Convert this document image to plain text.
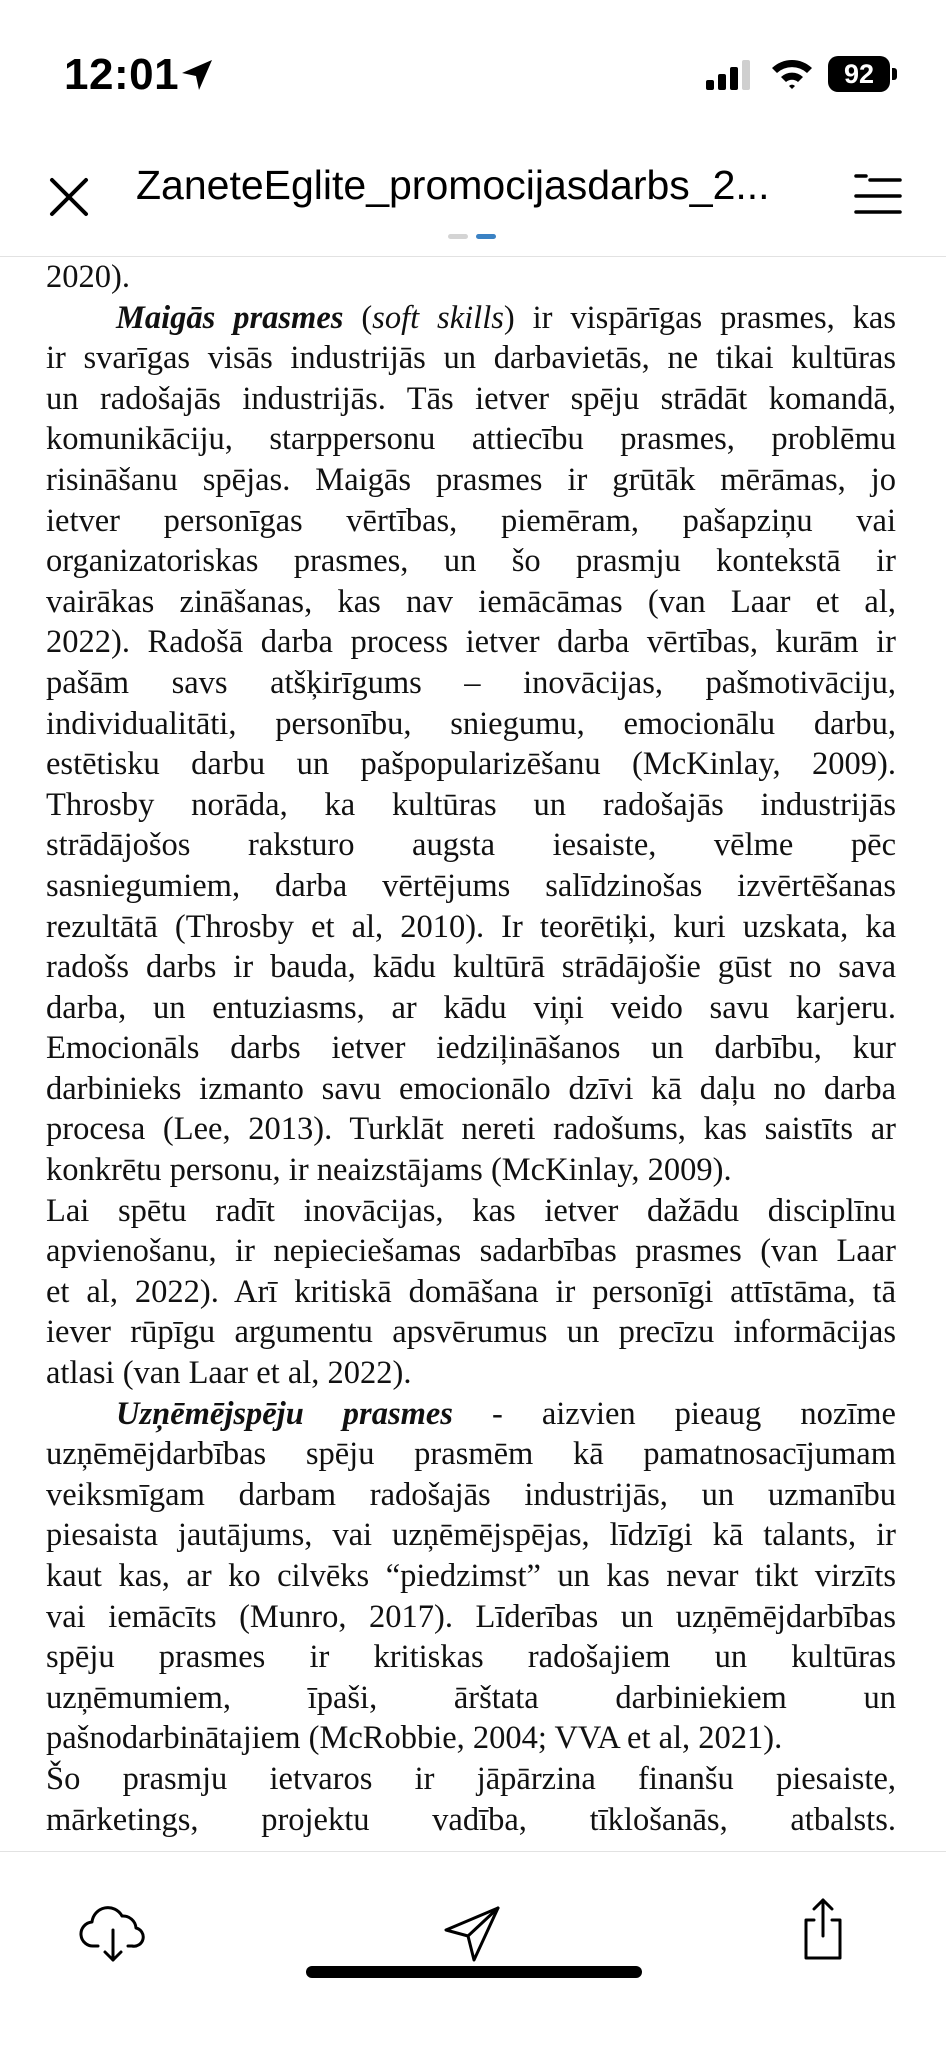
12:01	92
ZaneteEglite_promocijasdarbs_2...
2020).
Maigās prasmes (soft skills) ir vispārīgas prasmes, kas
ir svarīgas visās industrijās un darbavietās, ne tikai kultūras
un radošajās industrijās. Tās ietver spēju strādāt komandā,
komunikāciju, starppersonu attiecību prasmes, problēmu
risināšanu spējas. Maigās prasmes ir grūtāk mērāmas, jo
ietver personīgas vērtības, piemēram, pašapziņu vai
organizatoriskas prasmes, un šo prasmju kontekstā ir
vairākas zināšanas, kas nav iemācāmas (van Laar et al,
2022). Radošā darba process ietver darba vērtības, kurām ir
pašām savs atšķirīgums – inovācijas, pašmotivāciju,
individualitāti, personību, sniegumu, emocionālu darbu,
estētisku darbu un pašpopularizēšanu (McKinlay, 2009).
Throsby norāda, ka kultūras un radošajās industrijās
strādājošos raksturo augsta iesaiste, vēlme pēc
sasniegumiem, darba vērtējums salīdzinošas izvērtēšanas
rezultātā (Throsby et al, 2010). Ir teorētiķi, kuri uzskata, ka
radošs darbs ir bauda, kādu kultūrā strādājošie gūst no sava
darba, un entuziasms, ar kādu viņi veido savu karjeru.
Emocionāls darbs ietver iedziļināšanos un darbību, kur
darbinieks izmanto savu emocionālo dzīvi kā daļu no darba
procesa (Lee, 2013). Turklāt nereti radošums, kas saistīts ar
konkrētu personu, ir neaizstājams (McKinlay, 2009).
Lai spētu radīt inovācijas, kas ietver dažādu disciplīnu
apvienošanu, ir nepieciešamas sadarbības prasmes (van Laar
et al, 2022). Arī kritiskā domāšana ir personīgi attīstāma, tā
iever rūpīgu argumentu apsvērumus un precīzu informācijas
atlasi (van Laar et al, 2022).
Uzņēmējspēju prasmes - aizvien pieaug nozīme
uzņēmējdarbības spēju prasmēm kā pamatnosacījumam
veiksmīgam darbam radošajās industrijās, un uzmanību
piesaista jautājums, vai uzņēmējspējas, līdzīgi kā talants, ir
kaut kas, ar ko cilvēks “piedzimst” un kas nevar tikt virzīts
vai iemācīts (Munro, 2017). Līderības un uzņēmējdarbības
spēju prasmes ir kritiskas radošajiem un kultūras
uzņēmumiem, īpaši, ārštata darbiniekiem un
pašnodarbinātajiem (McRobbie, 2004; VVA et al, 2021).
Šo prasmju ietvaros ir jāpārzina finanšu piesaiste,
mārketings, projektu vadība, tīklošanās, atbalsts.
